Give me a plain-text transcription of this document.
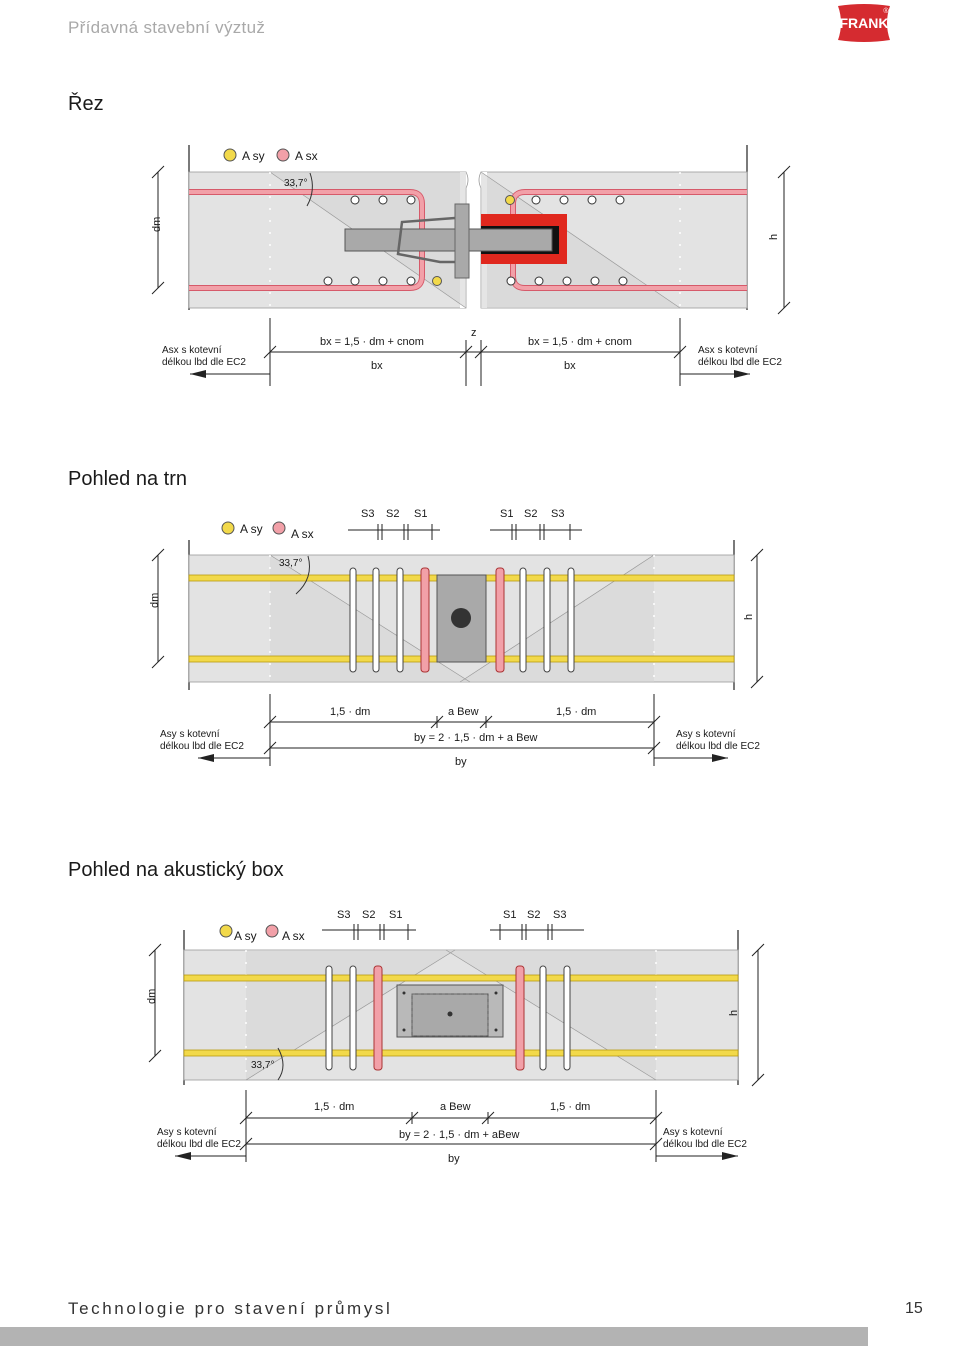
Přídavná stavební výztuž	FRANK
®
Řez
A sy	A sx
33,7°
dm
h
bx = 1,5 · dm + cnom	bx = 1,5 · dm + cnom
bx	bx
z
Asx s kotevní
délkou lbd dle EC2
Asx s kotevní
délkou lbd dle EC2
Pohled na trn
A sy A sx
S3 S2 S1	S1 S2 S3
33,7°
dm
h
1,5 · dm	a Bew	1,5 · dm
by = 2 · 1,5 · dm + a Bew
by
Asy s kotevní
délkou lbd dle EC2
Asy s kotevní
délkou lbd dle EC2
Pohled na akustický box
A sy A sx
S3 S2 S1	S1 S2 S3
33,7°
dm
h
1,5 · dm	a Bew	1,5 · dm
by = 2 · 1,5 · dm + aBew
by
Asy s kotevní
délkou lbd dle EC2
Asy s kotevní
délkou lbd dle EC2
Technologie pro stavení průmysl	15
